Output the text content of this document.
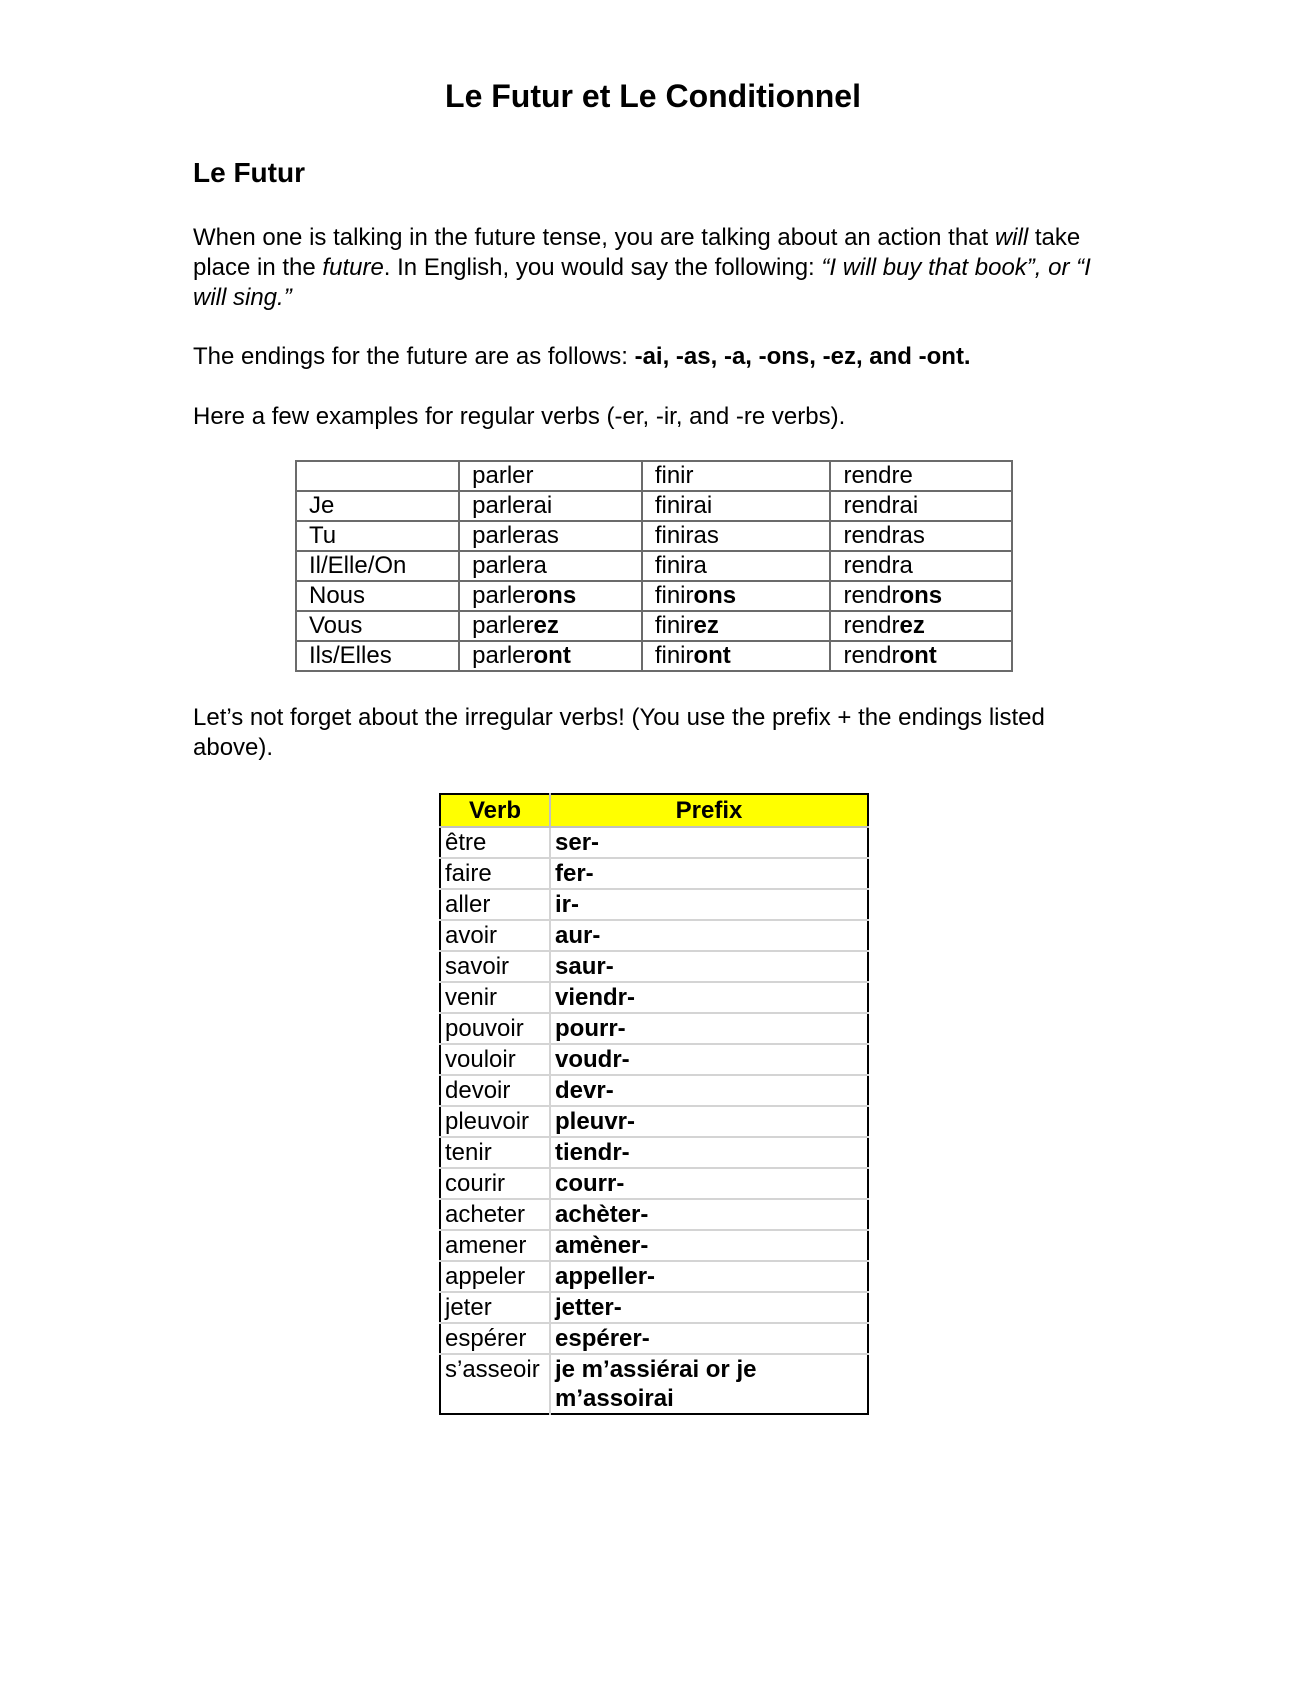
Le Futur et Le Conditionnel
Le Futur
When one is talking in the future tense, you are talking about an action that will take place in the future. In English, you would say the following: “I will buy that book”, or “I will sing.”
The endings for the future are as follows: -ai, -as, -a, -ons, -ez, and -ont.
Here a few examples for regular verbs (-er, -ir, and -re verbs).
	parler	finir	rendre
Je	parlerai	finirai	rendrai
Tu	parleras	finiras	rendras
Il/Elle/On	parlera	finira	rendra
Nous	parlerons	finirons	rendrons
Vous	parlerez	finirez	rendrez
Ils/Elles	parleront	finiront	rendront
Let’s not forget about the irregular verbs! (You use the prefix + the endings listed above).
Verb	Prefix
être	ser-
faire	fer-
aller	ir-
avoir	aur-
savoir	saur-
venir	viendr-
pouvoir	pourr-
vouloir	voudr-
devoir	devr-
pleuvoir	pleuvr-
tenir	tiendr-
courir	courr-
acheter	achèter-
amener	amèner-
appeler	appeller-
jeter	jetter-
espérer	espérer-
s’asseoir	je m’assiérai or je m’assoirai
